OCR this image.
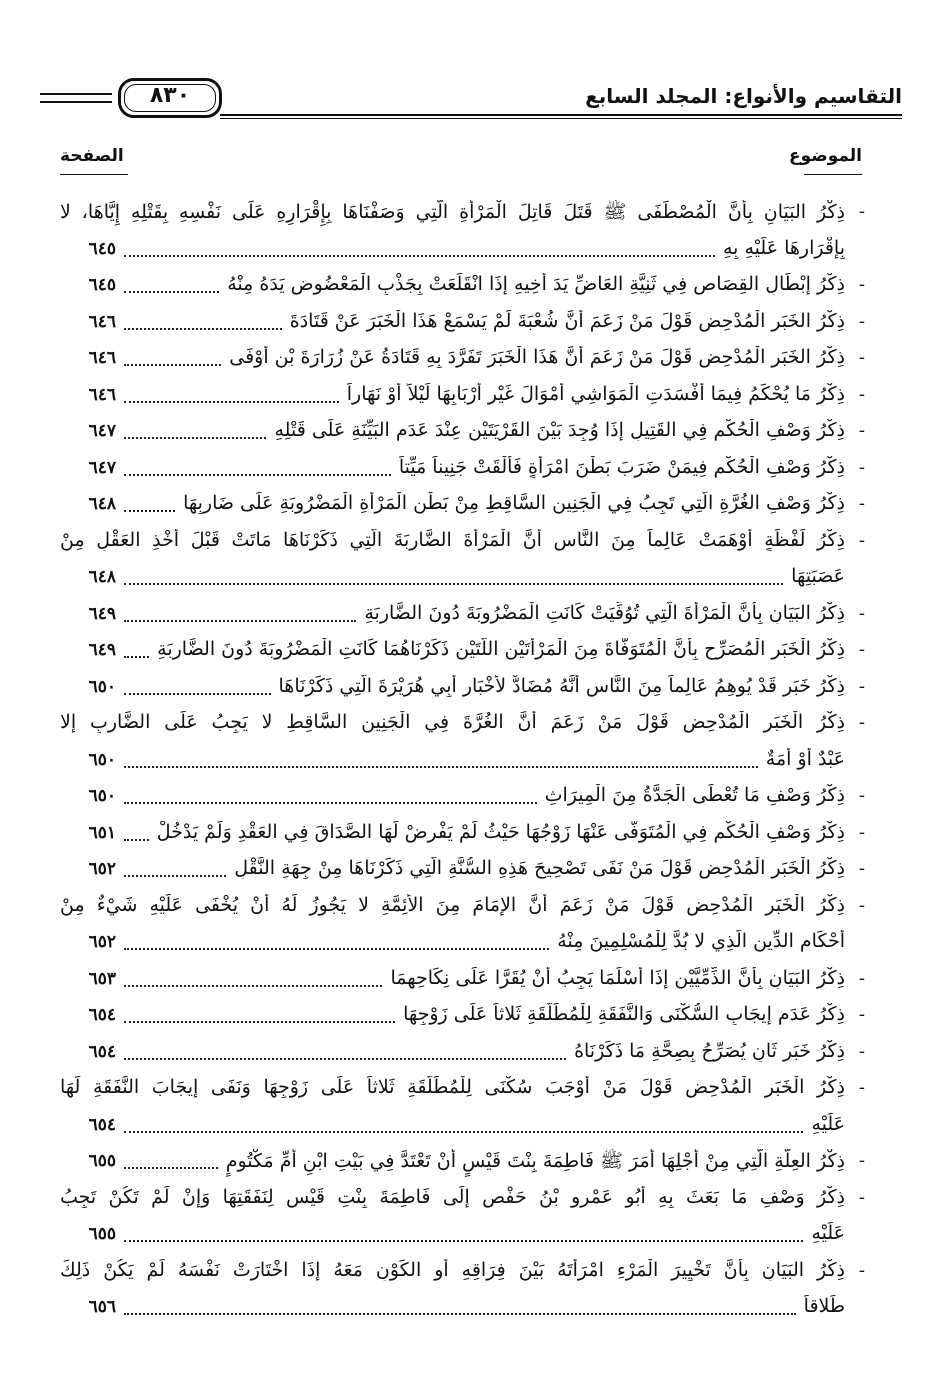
٨٣٠	التقاسيم والأنواع: المجلد السابع
الموضوع
الصفحة
-
ذِكْرُ البَيَانِ بِأَنَّ الْمُصْطَفَى ﷺ قَتَلَ قَاتِلَ الْمَرْأَةِ الَّتِي وَصَفْنَاهَا بِإِقْرَارِهِ عَلَى نَفْسِهِ بِقَتْلِهِ إِيَّاهَا، لا
بِإِقْرَارِهَا عَلَيْهِ بِهِ
٦٤٥
-
ذِكْرُ إِبْطَالِ القِصَاصِ فِي ثَنِيَّةِ العَاضِّ يَدَ أَخِيهِ إِذَا انْقَلَعَتْ بِجَذْبِ الْمَعْضُوضِ يَدَهُ مِنْهُ
٦٤٥
-
ذِكْرُ الخَبَرِ الْمُدْحِضِ قَوْلَ مَنْ زَعَمَ أَنَّ شُعْبَةَ لَمْ يَسْمَعْ هَذَا الْخَبَرَ عَنْ قَتَادَةَ
٦٤٦
-
ذِكْرُ الخَبَرِ الْمُدْحِضِ قَوْلَ مَنْ زَعَمَ أَنَّ هَذَا الْخَبَرَ تَفَرَّدَ بِهِ قَتَادَةُ عَنْ زُرَارَةَ بْنِ أَوْفَى
٦٤٦
-
ذِكْرُ مَا يُحْكَمُ فِيمَا أَفْسَدَتِ الْمَوَاشِي أَمْوَالَ غَيْرِ أَرْبَابِهَا لَيْلاً أَوْ نَهَاراً
٦٤٦
-
ذِكْرُ وَصْفِ الْحُكْمِ فِي القَتِيلِ إِذَا وُجِدَ بَيْنَ القَرْيَتَيْنِ عِنْدَ عَدَمِ البَيِّنَةِ عَلَى قَتْلِهِ
٦٤٧
-
ذِكْرُ وَصْفِ الْحُكْمِ فِيمَنْ ضَرَبَ بَطْنَ امْرَأَةٍ فَأَلْقَتْ جَنِيناً مَيِّتاً
٦٤٧
-
ذِكْرُ وَصْفِ الغُرَّةِ الَّتِي تَجِبُ فِي الْجَنِينِ السَّاقِطِ مِنْ بَطْنِ الْمَرْأَةِ الْمَضْرُوبَةِ عَلَى ضَارِبِهَا
٦٤٨
-
ذِكْرُ لَفْظَةٍ أَوْهَمَتْ عَالِماً مِنَ النَّاسِ أَنَّ الْمَرْأَةَ الضَّارِبَةَ الَّتِي ذَكَرْنَاهَا مَاتَتْ قَبْلَ أَخْذِ العَقْلِ مِنْ
عَصَبَتِهَا
٦٤٨
-
ذِكْرُ البَيَانِ بِأَنَّ الْمَرْأَةَ الَّتِي تُوُفِّيَتْ كَانَتِ الْمَضْرُوبَةَ دُونَ الضَّارِبَةِ
٦٤٩
-
ذِكْرُ الْخَبَرِ الْمُصَرِّحِ بِأَنَّ الْمُتَوَفَّاةَ مِنَ الْمَرْأَتَيْنِ اللَّتَيْنِ ذَكَرْنَاهُمَا كَانَتِ الْمَضْرُوبَةَ دُونَ الضَّارِبَةِ
٦٤٩
-
ذِكْرُ خَبَرٍ قَدْ يُوهِمُ عَالِماً مِنَ النَّاسِ أَنَّهُ مُضَادٌّ لأَخْبَارِ أَبِي هُرَيْرَةَ الَّتِي ذَكَرْنَاهَا
٦٥٠
-
ذِكْرُ الْخَبَرِ الْمُدْحِضِ قَوْلَ مَنْ زَعَمَ أَنَّ الغُرَّةَ فِي الْجَنِينِ السَّاقِطِ لا يَجِبُ عَلَى الضَّارِبِ إِلا
عَبْدٌ أَوْ أَمَةٌ
٦٥٠
-
ذِكْرُ وَصْفِ مَا تُعْطَى الْجَدَّةُ مِنَ الْمِيرَاثِ
٦٥٠
-
ذِكْرُ وَصْفِ الْحُكْمِ فِي الْمُتَوَفَّى عَنْهَا زَوْجُهَا حَيْثُ لَمْ يَفْرِضْ لَهَا الصَّدَاقَ فِي العَقْدِ وَلَمْ يَدْخُلْ
٦٥١
-
ذِكْرُ الْخَبَرِ الْمُدْحِضِ قَوْلَ مَنْ نَفَى تَصْحِيحَ هَذِهِ السُّنَّةِ الَّتِي ذَكَرْنَاهَا مِنْ جِهَةِ النَّقْلِ
٦٥٢
-
ذِكْرُ الْخَبَرِ الْمُدْحِضِ قَوْلَ مَنْ زَعَمَ أَنَّ الإِمَامَ مِنَ الأَئِمَّةِ لا يَجُوزُ لَهُ أَنْ يُخْفَى عَلَيْهِ شَيْءٌ مِنْ
أَحْكَامِ الدِّينِ الَّذِي لا بُدَّ لِلْمُسْلِمِينَ مِنْهُ
٦٥٢
-
ذِكْرُ البَيَانِ بِأَنَّ الذِّمِّيَّيْنِ إِذَا أَسْلَمَا يَجِبُ أَنْ يُقَرَّا عَلَى نِكَاحِهِمَا
٦٥٣
-
ذِكْرُ عَدَمِ إِيجَابِ السُّكْنَى وَالنَّفَقَةِ لِلْمُطَلَّقَةِ ثَلاثاً عَلَى زَوْجِهَا
٦٥٤
-
ذِكْرُ خَبَرٍ ثَانٍ يُصَرِّحُ بِصِحَّةِ مَا ذَكَرْنَاهُ
٦٥٤
-
ذِكْرُ الْخَبَرِ الْمُدْحِضِ قَوْلَ مَنْ أَوْجَبَ سُكْنَى لِلْمُطَلَّقَةِ ثَلاثاً عَلَى زَوْجِهَا وَنَفَى إِيجَابَ النَّفَقَةِ لَهَا
عَلَيْهِ
٦٥٤
-
ذِكْرُ العِلَّةِ الَّتِي مِنْ أَجْلِهَا أَمَرَ ﷺ فَاطِمَةَ بِنْتَ قَيْسٍ أَنْ تَعْتَدَّ فِي بَيْتِ ابْنِ أُمِّ مَكْتُومٍ
٦٥٥
-
ذِكْرُ وَصْفِ مَا بَعَثَ بِهِ أَبُو عَمْرِو بْنُ حَفْصٍ إِلَى فَاطِمَةَ بِنْتِ قَيْسٍ لِنَفَقَتِهَا وَإِنْ لَمْ تَكُنْ تَجِبُ
عَلَيْهِ
٦٥٥
-
ذِكْرُ البَيَانِ بِأَنَّ تَخْيِيرَ الْمَرْءِ امْرَأَتَهُ بَيْنَ فِرَاقِهِ أَوِ الكَوْنِ مَعَهُ إِذَا اخْتَارَتْ نَفْسَهُ لَمْ يَكُنْ ذَلِكَ
طَلاقاً
٦٥٦
